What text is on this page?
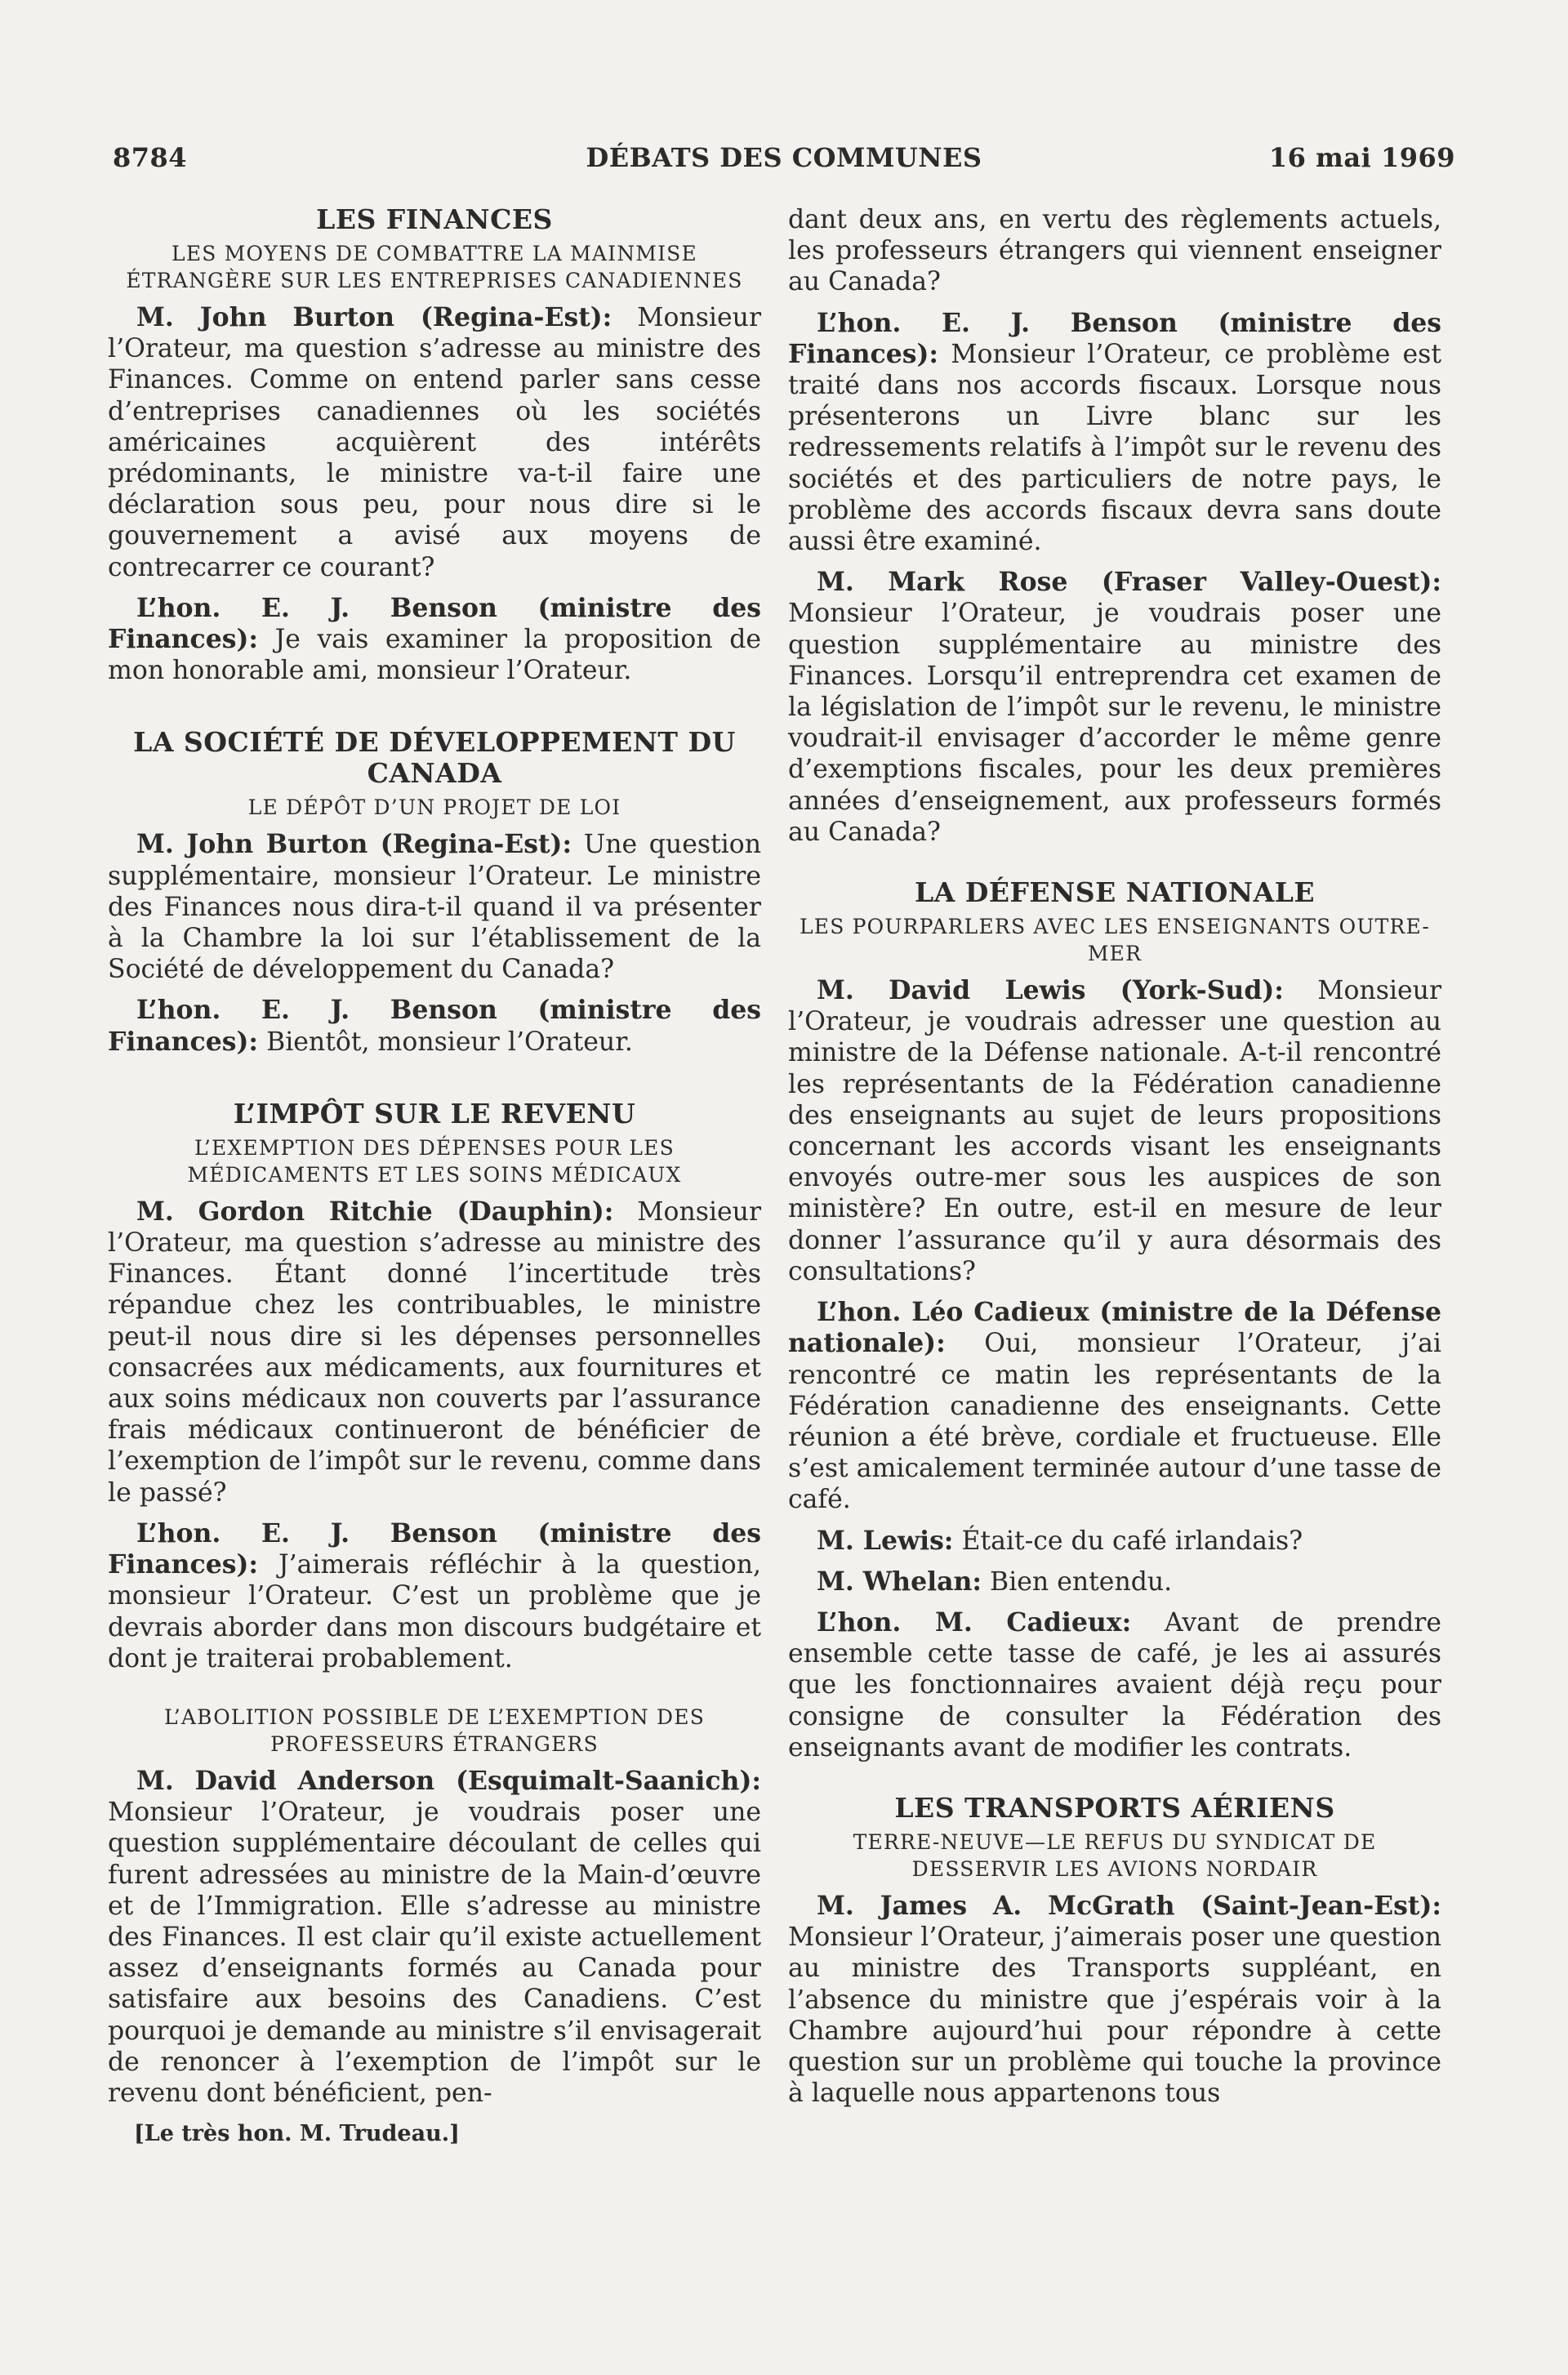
8784	DÉBATS DES COMMUNES	16 mai 1969
LES FINANCES
LES MOYENS DE COMBATTRE LA MAINMISE ÉTRANGÈRE SUR LES ENTREPRISES CANADIENNES

M. John Burton (Regina-Est): Monsieur l’Orateur, ma question s’adresse au ministre des Finances. Comme on entend parler sans cesse d’entreprises canadiennes où les sociétés américaines acquièrent des intérêts prédominants, le ministre va-t-il faire une déclaration sous peu, pour nous dire si le gouvernement a avisé aux moyens de contrecarrer ce courant?

L’hon. E. J. Benson (ministre des Finances): Je vais examiner la proposition de mon honorable ami, monsieur l’Orateur.

LA SOCIÉTÉ DE DÉVELOPPEMENT DU CANADA
LE DÉPÔT D’UN PROJET DE LOI

M. John Burton (Regina-Est): Une question supplémentaire, monsieur l’Orateur. Le ministre des Finances nous dira-t-il quand il va présenter à la Chambre la loi sur l’établissement de la Société de développement du Canada?

L’hon. E. J. Benson (ministre des Finances): Bientôt, monsieur l’Orateur.

L’IMPÔT SUR LE REVENU
L’EXEMPTION DES DÉPENSES POUR LES MÉDICAMENTS ET LES SOINS MÉDICAUX

M. Gordon Ritchie (Dauphin): Monsieur l’Orateur, ma question s’adresse au ministre des Finances. Étant donné l’incertitude très répandue chez les contribuables, le ministre peut-il nous dire si les dépenses personnelles consacrées aux médicaments, aux fournitures et aux soins médicaux non couverts par l’assurance frais médicaux continueront de bénéficier de l’exemption de l’impôt sur le revenu, comme dans le passé?

L’hon. E. J. Benson (ministre des Finances): J’aimerais réfléchir à la question, monsieur l’Orateur. C’est un problème que je devrais aborder dans mon discours budgétaire et dont je traiterai probablement.

L’ABOLITION POSSIBLE DE L’EXEMPTION DES PROFESSEURS ÉTRANGERS

M. David Anderson (Esquimalt-Saanich): Monsieur l’Orateur, je voudrais poser une question supplémentaire découlant de celles qui furent adressées au ministre de la Main-d’œuvre et de l’Immigration. Elle s’adresse au ministre des Finances. Il est clair qu’il existe actuellement assez d’enseignants formés au Canada pour satisfaire aux besoins des Canadiens. C’est pourquoi je demande au ministre s’il envisagerait de renoncer à l’exemption de l’impôt sur le revenu dont bénéficient, pen-

[Le très hon. M. Trudeau.]

dant deux ans, en vertu des règlements actuels, les professeurs étrangers qui viennent enseigner au Canada?

L’hon. E. J. Benson (ministre des Finances): Monsieur l’Orateur, ce problème est traité dans nos accords fiscaux. Lorsque nous présenterons un Livre blanc sur les redressements relatifs à l’impôt sur le revenu des sociétés et des particuliers de notre pays, le problème des accords fiscaux devra sans doute aussi être examiné.

M. Mark Rose (Fraser Valley-Ouest): Monsieur l’Orateur, je voudrais poser une question supplémentaire au ministre des Finances. Lorsqu’il entreprendra cet examen de la législation de l’impôt sur le revenu, le ministre voudrait-il envisager d’accorder le même genre d’exemptions fiscales, pour les deux premières années d’enseignement, aux professeurs formés au Canada?

LA DÉFENSE NATIONALE
LES POURPARLERS AVEC LES ENSEIGNANTS OUTRE-MER

M. David Lewis (York-Sud): Monsieur l’Orateur, je voudrais adresser une question au ministre de la Défense nationale. A-t-il rencontré les représentants de la Fédération canadienne des enseignants au sujet de leurs propositions concernant les accords visant les enseignants envoyés outre-mer sous les auspices de son ministère? En outre, est-il en mesure de leur donner l’assurance qu’il y aura désormais des consultations?

L’hon. Léo Cadieux (ministre de la Défense nationale): Oui, monsieur l’Orateur, j’ai rencontré ce matin les représentants de la Fédération canadienne des enseignants. Cette réunion a été brève, cordiale et fructueuse. Elle s’est amicalement terminée autour d’une tasse de café.

M. Lewis: Était-ce du café irlandais?

M. Whelan: Bien entendu.

L’hon. M. Cadieux: Avant de prendre ensemble cette tasse de café, je les ai assurés que les fonctionnaires avaient déjà reçu pour consigne de consulter la Fédération des enseignants avant de modifier les contrats.

LES TRANSPORTS AÉRIENS
TERRE-NEUVE—LE REFUS DU SYNDICAT DE DESSERVIR LES AVIONS NORDAIR

M. James A. McGrath (Saint-Jean-Est): Monsieur l’Orateur, j’aimerais poser une question au ministre des Transports suppléant, en l’absence du ministre que j’espérais voir à la Chambre aujourd’hui pour répondre à cette question sur un problème qui touche la province à laquelle nous appartenons tous
